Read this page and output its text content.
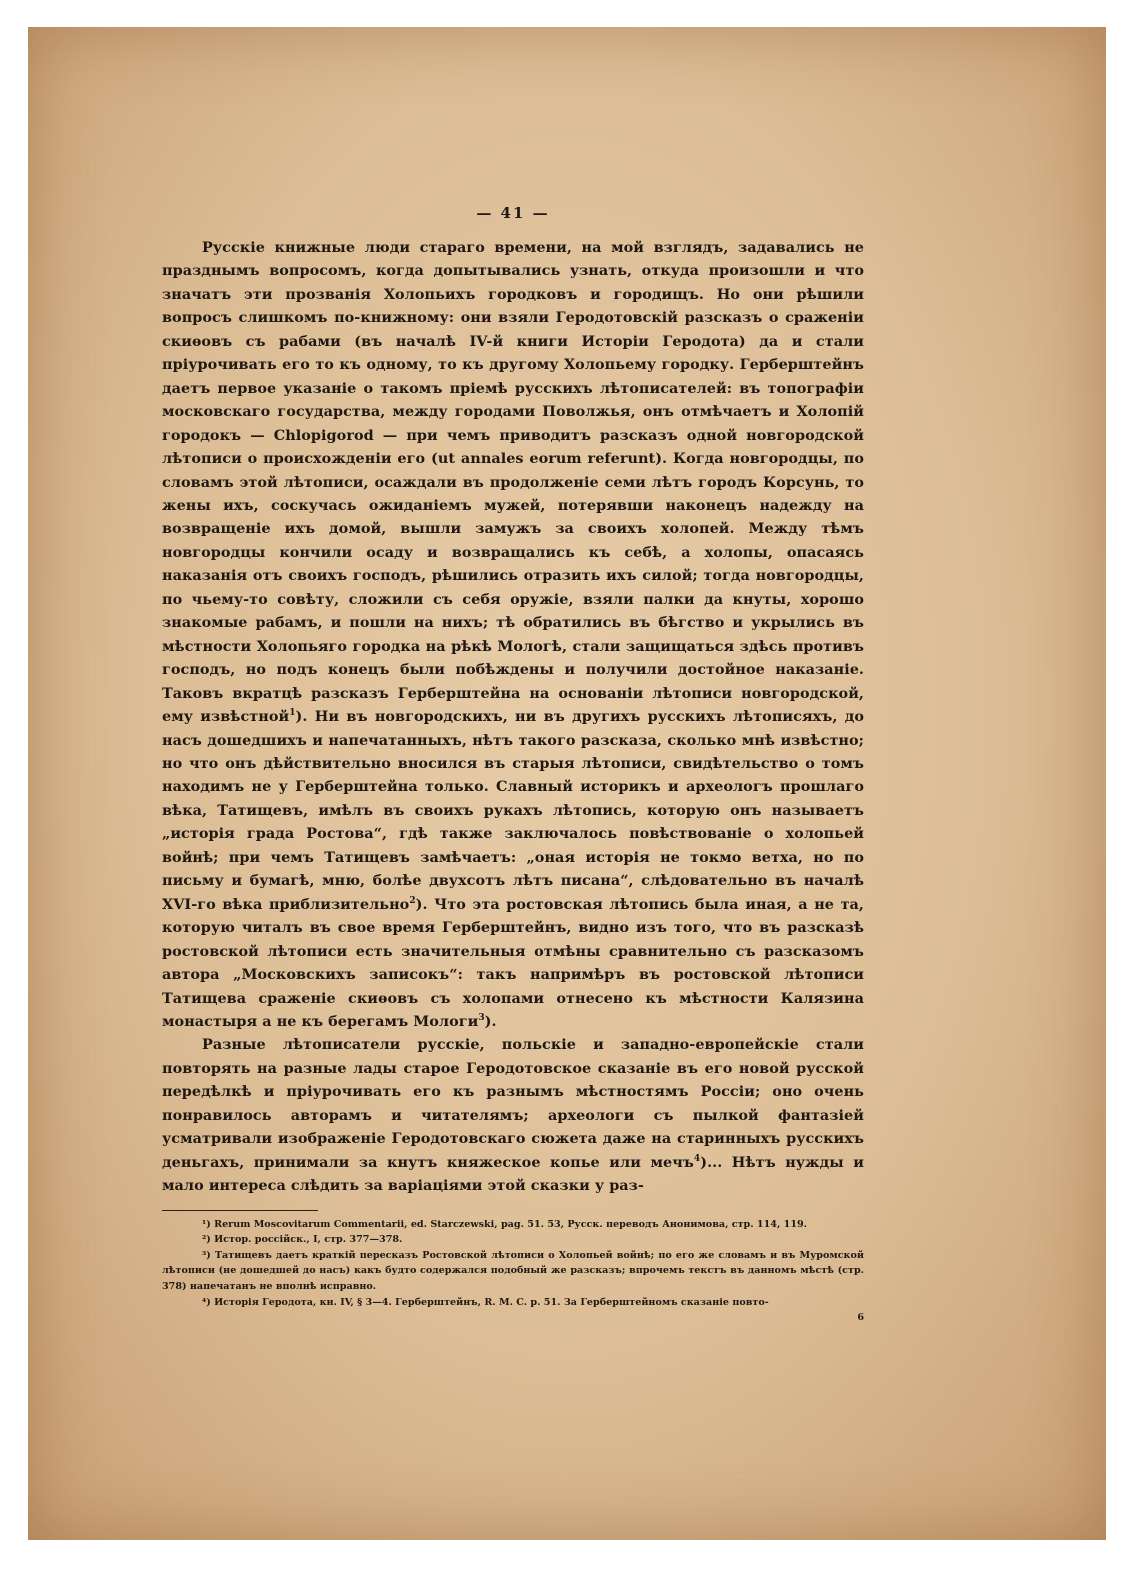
— 41 —

Русскіе книжные люди стараго времени, на мой взглядъ, задавались не празднымъ вопросомъ, когда допытывались узнать, откуда произошли и что значатъ эти прозванія Холопьихъ городковъ и городищъ. Но они рѣшили вопросъ слишкомъ по-книжному: они взяли Геродотовскій разсказъ о сраженіи скиѳовъ съ рабами (въ началѣ IV-й книги Исторіи Геродота) да и стали пріурочивать его то къ одному, то къ другому Холопьему городку. Герберштейнъ даетъ первое указаніе о такомъ пріемѣ русскихъ лѣтописателей: въ топографіи московскаго государства, между городами Поволжья, онъ отмѣчаетъ и Холопій городокъ — Chlopigorod — при чемъ приводитъ разсказъ одной новгородской лѣтописи о происхожденіи его (ut annales eorum referunt). Когда новгородцы, по словамъ этой лѣтописи, осаждали въ продолженіе семи лѣтъ городъ Корсунь, то жены ихъ, соскучась ожиданіемъ мужей, потерявши наконецъ надежду на возвращеніе ихъ домой, вышли замужъ за своихъ холопей. Между тѣмъ новгородцы кончили осаду и возвращались къ себѣ, а холопы, опасаясь наказанія отъ своихъ господъ, рѣшились отразить ихъ силой; тогда новгородцы, по чьему-то совѣту, сложили съ себя оружіе, взяли палки да кнуты, хорошо знакомые рабамъ, и пошли на нихъ; тѣ обратились въ бѣгство и укрылись въ мѣстности Холопьяго городка на рѣкѣ Мологѣ, стали защищаться здѣсь противъ господъ, но подъ конецъ были побѣждены и получили достойное наказаніе. Таковъ вкратцѣ разсказъ Герберштейна на основаніи лѣтописи новгородской, ему извѣстной$^1$). Ни въ новгородскихъ, ни въ другихъ русскихъ лѣтописяхъ, до насъ дошедшихъ и напечатанныхъ, нѣтъ такого разсказа, сколько мнѣ извѣстно; но что онъ дѣйствительно вносился въ старыя лѣтописи, свидѣтельство о томъ находимъ не у Герберштейна только. Славный историкъ и археологъ прошлаго вѣка, Татищевъ, имѣлъ въ своихъ рукахъ лѣтопись, которую онъ называетъ „исторія града Ростова“, гдѣ также заключалось повѣствованіе о холопьей войнѣ; при чемъ Татищевъ замѣчаетъ: „оная исторія не токмо ветха, но по письму и бумагѣ, мню, болѣе двухсотъ лѣтъ писана“, слѣдовательно въ началѣ XVI-го вѣка приблизительно$^2$). Что эта ростовская лѣтопись была иная, а не та, которую читалъ въ свое время Герберштейнъ, видно изъ того, что въ разсказѣ ростовской лѣтописи есть значительныя отмѣны сравнительно съ разсказомъ автора „Московскихъ записокъ“: такъ напримѣръ въ ростовской лѣтописи Татищева сраженіе скиѳовъ съ холопами отнесено къ мѣстности Калязина монастыря а не къ берегамъ Мологи$^3$).

Разные лѣтописатели русскіе, польскіе и западно-европейскіе стали повторять на разные лады старое Геродотовское сказаніе въ его новой русской передѣлкѣ и пріурочивать его къ разнымъ мѣстностямъ Россіи; оно очень понравилось авторамъ и читателямъ; археологи съ пылкой фантазіей усматривали изображеніе Геродотовскаго сюжета даже на старинныхъ русскихъ деньгахъ, принимали за кнутъ княжеское копье или мечъ$^4$)... Нѣтъ нужды и мало интереса слѣдить за варіаціями этой сказки у раз-

¹) Rerum Moscovitarum Commentarii, ed. Starczewski, pag. 51. 53, Русск. переводъ Анонимова, стр. 114, 119.

²) Истор. россійск., I, стр. 377—378.

³) Татищевъ даетъ краткій пересказъ Ростовской лѣтописи о Холопьей войнѣ; по его же словамъ и въ Муромской лѣтописи (не дошедшей до насъ) какъ будто содержался подобный же разсказъ; впрочемъ текстъ въ данномъ мѣстѣ (стр. 378) напечатанъ не вполнѣ исправно.

⁴) Исторія Геродота, кн. IV, § 3—4. Герберштейнъ, R. M. C. p. 51. За Герберштейномъ сказаніе повто-

6
